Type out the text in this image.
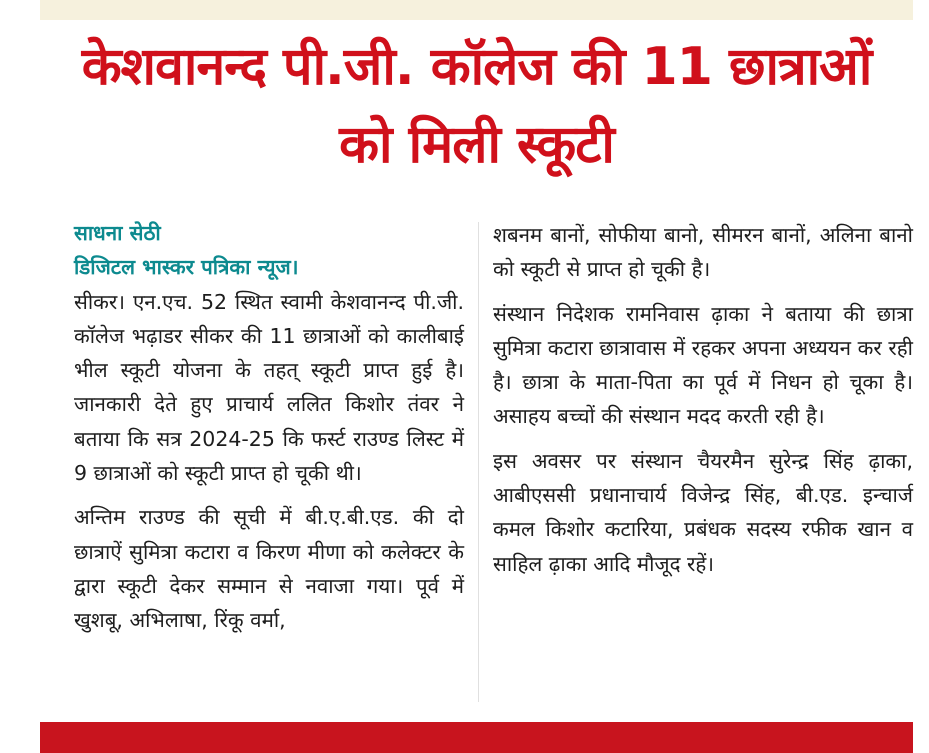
केशवानन्द पी.जी. कॉलेज की 11 छात्राओं
को मिली स्कूटी

साधना सेठी

डिजिटल भास्कर पत्रिका न्यूज।

सीकर। एन.एच. 52 स्थित स्वामी केशवानन्द पी.जी. कॉलेज भढ़ाडर सीकर की 11 छात्राओं को कालीबाई भील स्कूटी योजना के तहत् स्कूटी प्राप्त हुई है। जानकारी देते हुए प्राचार्य ललित किशोर तंवर ने बताया कि सत्र 2024-25 कि फर्स्ट राउण्ड लिस्ट में 9 छात्राओं को स्कूटी प्राप्त हो चूकी थी।

अन्तिम राउण्ड की सूची में बी.ए.बी.एड. की दो छात्राऐं सुमित्रा कटारा व किरण मीणा को कलेक्टर के द्वारा स्कूटी देकर सम्मान से नवाजा गया। पूर्व में खुशबू, अभिलाषा, रिंकू वर्मा,

शबनम बानों, सोफीया बानो, सीमरन बानों, अलिना बानो को स्कूटी से प्राप्त हो चूकी है।

संस्थान निदेशक रामनिवास ढ़ाका ने बताया की छात्रा सुमित्रा कटारा छात्रावास में रहकर अपना अध्ययन कर रही है। छात्रा के माता-पिता का पूर्व में निधन हो चूका है। असाहय बच्चों की संस्थान मदद करती रही है।

इस अवसर पर संस्थान चैयरमैन सुरेन्द्र सिंह ढ़ाका, आबीएससी प्रधानाचार्य विजेन्द्र सिंह, बी.एड. इन्चार्ज कमल किशोर कटारिया, प्रबंधक सदस्य रफीक खान व साहिल ढ़ाका आदि मौजूद रहें।
